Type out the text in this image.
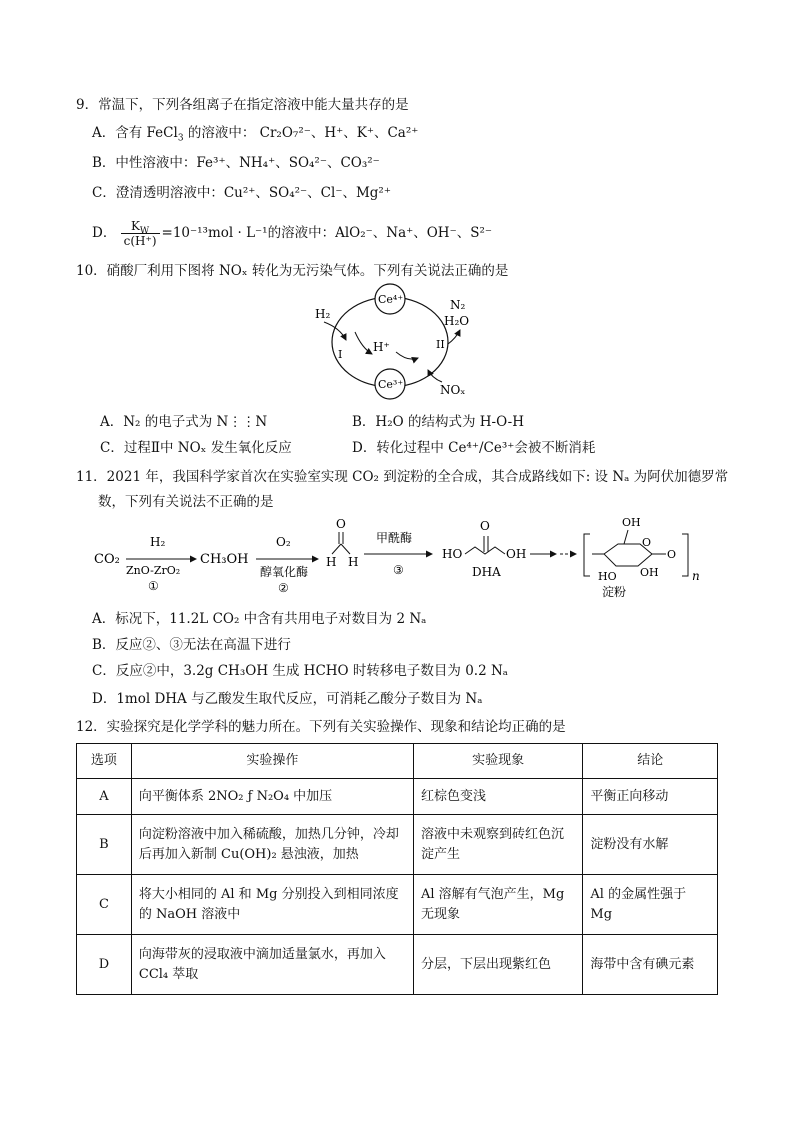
9．常温下，下列各组离子在指定溶液中能大量共存的是
A．含有 FeCl$_3$ 的溶液中： Cr₂O₇²⁻、H⁺、K⁺、Ca²⁺
B．中性溶液中：Fe³⁺、NH₄⁺、SO₄²⁻、CO₃²⁻
C．澄清透明溶液中：Cu²⁺、SO₄²⁻、Cl⁻、Mg²⁺
D． $\frac{K_W}{c(H^+)} =10^{-13}mol \cdot L^{-1}$的溶液中：AlO₂⁻、Na⁺、OH⁻、S²⁻
10．硝酸厂利用下图将 NOₓ 转化为无污染气体。下列有关说法正确的是
Ce⁴⁺
Ce³⁺
H₂
H⁺
I
II
N₂
H₂O
NOₓ
A．N₂ 的电子式为 N⋮⋮N	B．H₂O 的结构式为 H-O-H
C．过程Ⅱ中 NOₓ 发生氧化反应	D．转化过程中 Ce⁴⁺/Ce³⁺会被不断消耗
11．2021 年，我国科学家首次在实验室实现 CO₂ 到淀粉的全合成，其合成路线如下: 设 Nₐ 为阿伏加德罗常
数，下列有关说法不正确的是
CO₂
H₂
ZnO-ZrO₂
①
CH₃OH
O₂
醇氧化酶
②
O
H H
甲酰酶
③
HO
O
OH
DHA
O
O
OH
HO OH	n
淀粉
A．标况下，11.2L CO₂ 中含有共用电子对数目为 2 Nₐ
B．反应②、③无法在高温下进行
C．反应②中，3.2g CH₃OH 生成 HCHO 时转移电子数目为 0.2 Nₐ
D．1mol DHA 与乙酸发生取代反应，可消耗乙酸分子数目为 Nₐ
12．实验探究是化学学科的魅力所在。下列有关实验操作、现象和结论均正确的是
选项	实验操作	实验现象	结论
A	向平衡体系 2NO₂ ƒ N₂O₄ 中加压	红棕色变浅	平衡正向移动
B	向淀粉溶液中加入稀硫酸，加热几分钟，冷却后再加入新制 Cu(OH)₂ 悬浊液，加热	溶液中未观察到砖红色沉淀产生	淀粉没有水解
C	将大小相同的 Al 和 Mg 分别投入到相同浓度的 NaOH 溶液中	Al 溶解有气泡产生，Mg 无现象	Al 的金属性强于 Mg
D	向海带灰的浸取液中滴加适量氯水，再加入 CCl₄ 萃取	分层，下层出现紫红色	海带中含有碘元素
